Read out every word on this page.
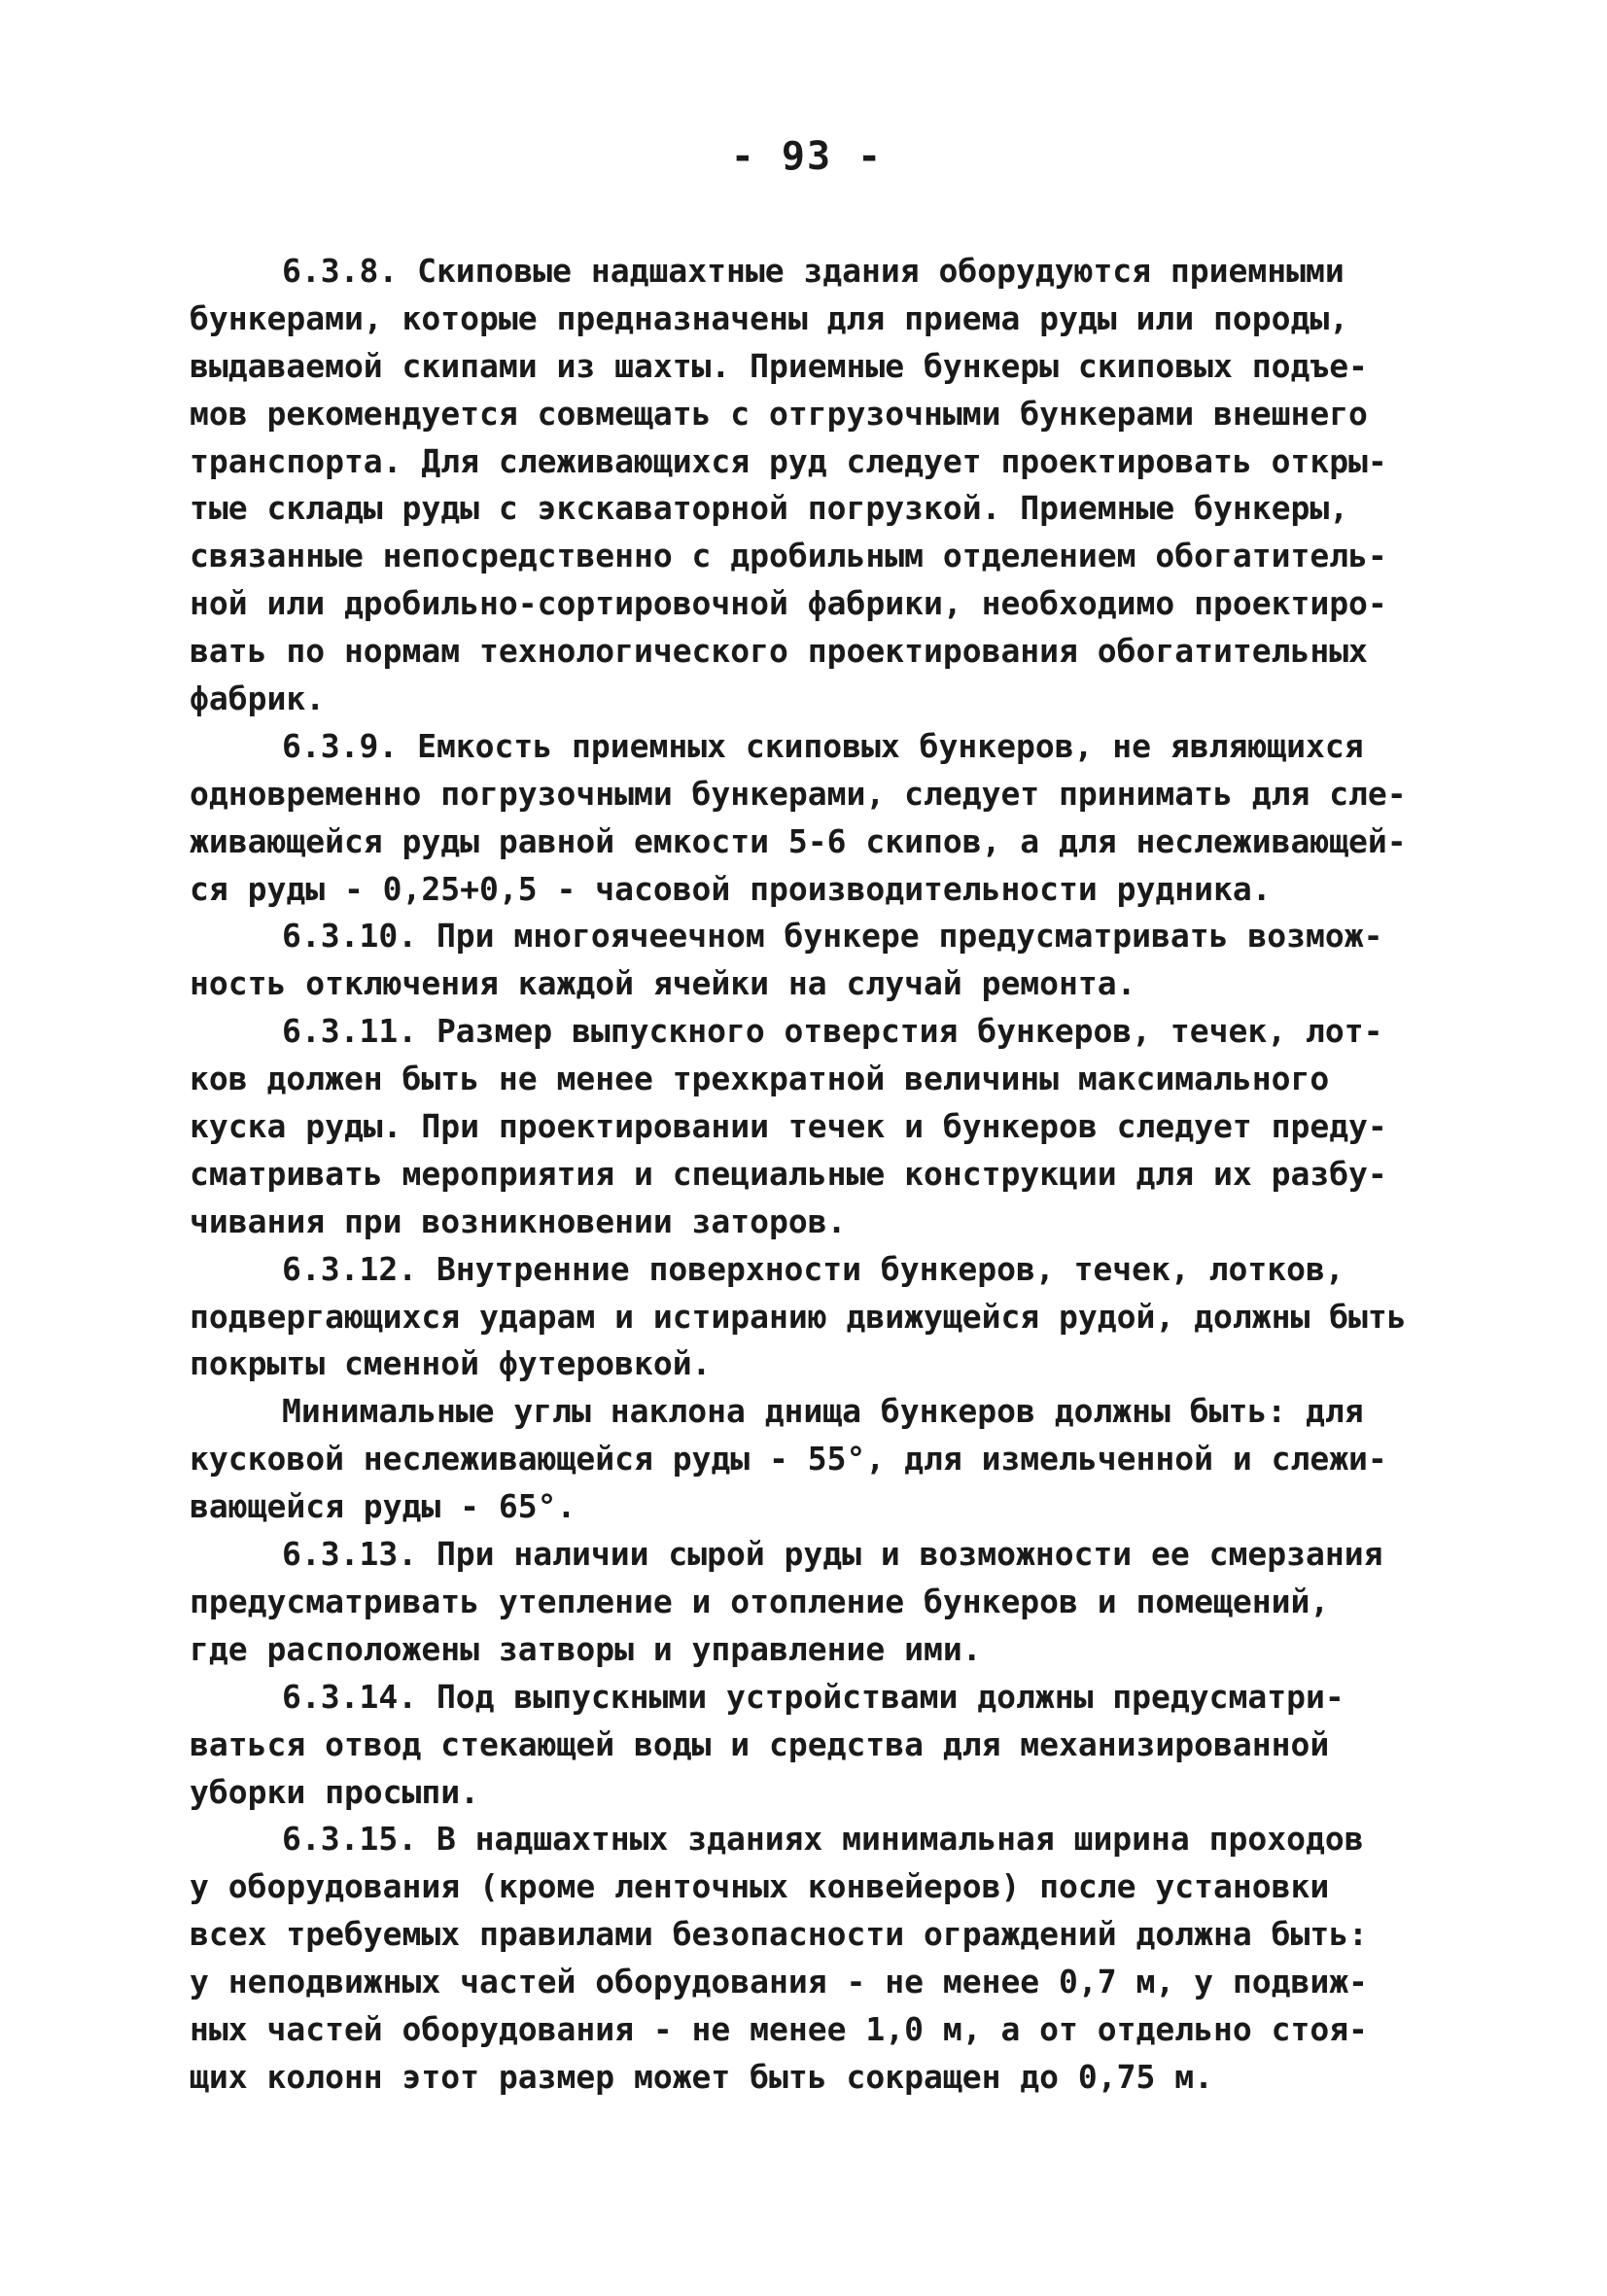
- 93 -
6.3.8. Скиповые надшахтные здания оборудуются приемными
бункерами, которые предназначены для приема руды или породы,
выдаваемой скипами из шахты. Приемные бункеры скиповых подъе-
мов рекомендуется совмещать с отгрузочными бункерами внешнего
транспорта. Для слеживающихся руд следует проектировать откры-
тые склады руды с экскаваторной погрузкой. Приемные бункеры,
связанные непосредственно с дробильным отделением обогатитель-
ной или дробильно-сортировочной фабрики, необходимо проектиро-
вать по нормам технологического проектирования обогатительных
фабрик.
6.3.9. Емкость приемных скиповых бункеров, не являющихся
одновременно погрузочными бункерами, следует принимать для сле-
живающейся руды равной емкости 5-6 скипов, а для неслеживающей-
ся руды - 0,25+0,5 - часовой производительности рудника.
6.3.10. При многоячеечном бункере предусматривать возмож-
ность отключения каждой ячейки на случай ремонта.
6.3.11. Размер выпускного отверстия бункеров, течек, лот-
ков должен быть не менее трехкратной величины максимального
куска руды. При проектировании течек и бункеров следует преду-
сматривать мероприятия и специальные конструкции для их разбу-
чивания при возникновении заторов.
6.3.12. Внутренние поверхности бункеров, течек, лотков,
подвергающихся ударам и истиранию движущейся рудой, должны быть
покрыты сменной футеровкой.
Минимальные углы наклона днища бункеров должны быть: для
кусковой неслеживающейся руды - 55°, для измельченной и слежи-
вающейся руды - 65°.
6.3.13. При наличии сырой руды и возможности ее смерзания
предусматривать утепление и отопление бункеров и помещений,
где расположены затворы и управление ими.
6.3.14. Под выпускными устройствами должны предусматри-
ваться отвод стекающей воды и средства для механизированной
уборки просыпи.
6.3.15. В надшахтных зданиях минимальная ширина проходов
у оборудования (кроме ленточных конвейеров) после установки
всех требуемых правилами безопасности ограждений должна быть:
у неподвижных частей оборудования - не менее 0,7 м, у подвиж-
ных частей оборудования - не менее 1,0 м, а от отдельно стоя-
щих колонн этот размер может быть сокращен до 0,75 м.
